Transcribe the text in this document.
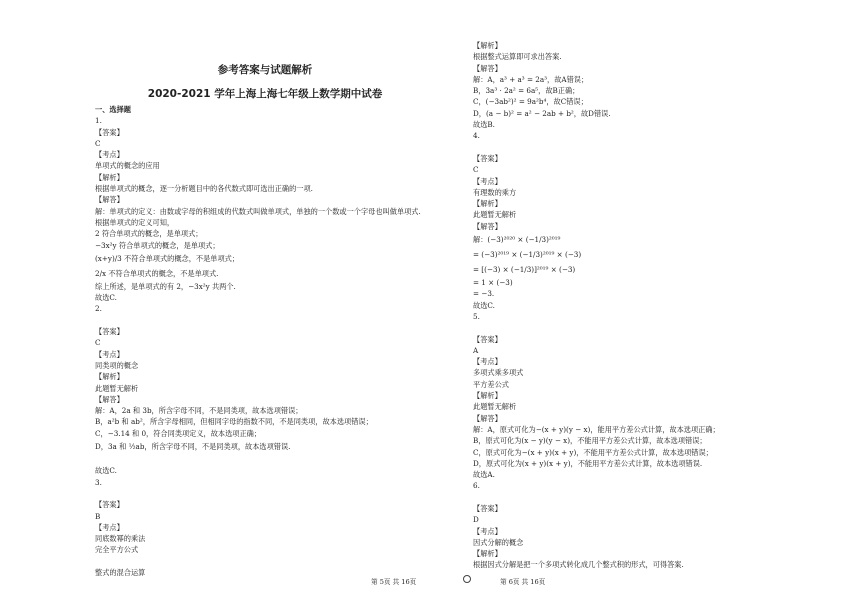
参考答案与试题解析
2020-2021 学年上海上海七年级上数学期中试卷
一、选择题
1.
【答案】
C
【考点】
单项式的概念的应用
【解析】
根据单项式的概念，逐一分析题目中的各代数式即可选出正确的一项.
【解答】
解：单项式的定义：由数或字母的积组成的代数式叫做单项式，单独的一个数或一个字母也叫做单项式.
根据单项式的定义可知，
2 符合单项式的概念，是单项式；
−3x²y 符合单项式的概念，是单项式；
(x+y)/3 不符合单项式的概念，不是单项式；
2/x 不符合单项式的概念，不是单项式.
综上所述，是单项式的有 2，−3x²y 共两个.
故选C.
2.
【答案】
C
【考点】
同类项的概念
【解析】
此题暂无解析
【解答】
解：A，2a 和 3b，所含字母不同，不是同类项，故本选项错误；
B，a²b 和 ab²，所含字母相同，但相同字母的指数不同，不是同类项，故本选项错误；
C，−3.14 和 0，符合同类项定义，故本选项正确；
D，3a 和 ½ab，所含字母不同，不是同类项，故本选项错误.
故选C.
3.
【答案】
B
【考点】
同底数幂的乘法
完全平方公式
整式的混合运算
【解析】
根据整式运算即可求出答案.
【解答】
解：A，a³ + a³ = 2a³，故A错误；
B，3a³ · 2a² = 6a⁵，故B正确；
C，(−3ab²)² = 9a²b⁴，故C错误；
D，(a − b)² = a² − 2ab + b²，故D错误.
故选B.
4.
【答案】
C
【考点】
有理数的乘方
【解析】
此题暂无解析
【解答】
解：(−3)²⁰²⁰ × (−1/3)²⁰¹⁹
= (−3)²⁰¹⁹ × (−1/3)²⁰¹⁹ × (−3)
= [(−3) × (−1/3)]²⁰¹⁹ × (−3)
= 1 × (−3)
= −3.
故选C.
5.
【答案】
A
【考点】
多项式乘多项式
平方差公式
【解析】
此题暂无解析
【解答】
解：A，原式可化为−(x + y)(y − x)，能用平方差公式计算，故本选项正确；
B，原式可化为(x − y)(y − x)，不能用平方差公式计算，故本选项错误；
C，原式可化为−(x + y)(x + y)，不能用平方差公式计算，故本选项错误；
D，原式可化为(x + y)(x + y)，不能用平方差公式计算，故本选项错误.
故选A.
6.
【答案】
D
【考点】
因式分解的概念
【解析】
根据因式分解是把一个多项式转化成几个整式积的形式，可得答案.
第 5页 共 16页	第 6页 共 16页
